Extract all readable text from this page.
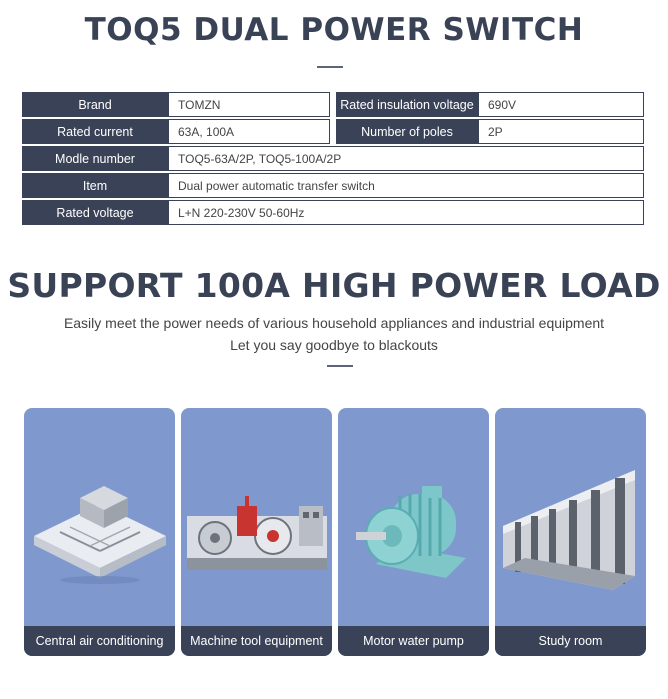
TOQ5 DUAL POWER SWITCH
Brand	TOMZN	Rated insulation voltage	690V
Rated current	63A, 100A	Number of poles	2P
Modle number	TOQ5-63A/2P, TOQ5-100A/2P
Item	Dual power automatic transfer switch
Rated voltage	L+N 220-230V 50-60Hz
SUPPORT 100A HIGH POWER LOAD
Easily meet the power needs of various household appliances and industrial equipment
Let you say goodbye to blackouts
Central air conditioning	Machine tool equipment	Motor water pump	Study room
